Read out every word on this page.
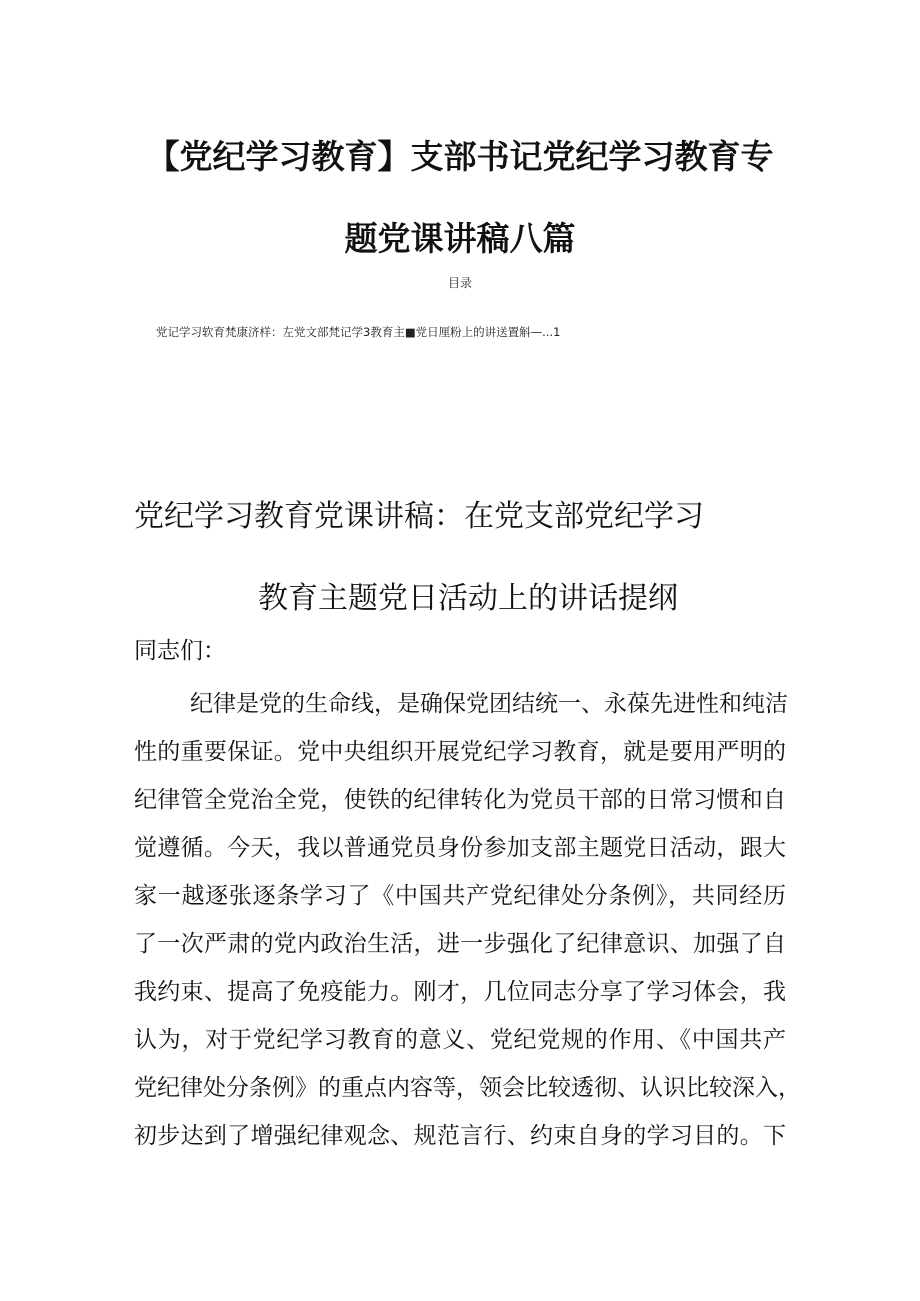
【党纪学习教育】支部书记党纪学习教育专
题党课讲稿八篇
目录
党记学习软育梵康济样：左党文部梵记学3教育主■党日厘粉上的讲送置斛—...1
党纪学习教育党课讲稿：在党支部党纪学习
教育主题党日活动上的讲话提纲
同志们：
纪律是党的生命线，是确保党团结统一、永葆先进性和纯洁
性的重要保证。党中央组织开展党纪学习教育，就是要用严明的
纪律管全党治全党，使铁的纪律转化为党员干部的日常习惯和自
觉遵循。今天，我以普通党员身份参加支部主题党日活动，跟大
家一越逐张逐条学习了《中国共产党纪律处分条例》，共同经历
了一次严肃的党内政治生活，进一步强化了纪律意识、加强了自
我约束、提高了免疫能力。刚才，几位同志分享了学习体会，我
认为，对于党纪学习教育的意义、党纪党规的作用、《中国共产
党纪律处分条例》的重点内容等，领会比较透彻、认识比较深入，
初步达到了增强纪律观念、规范言行、约束自身的学习目的。下
